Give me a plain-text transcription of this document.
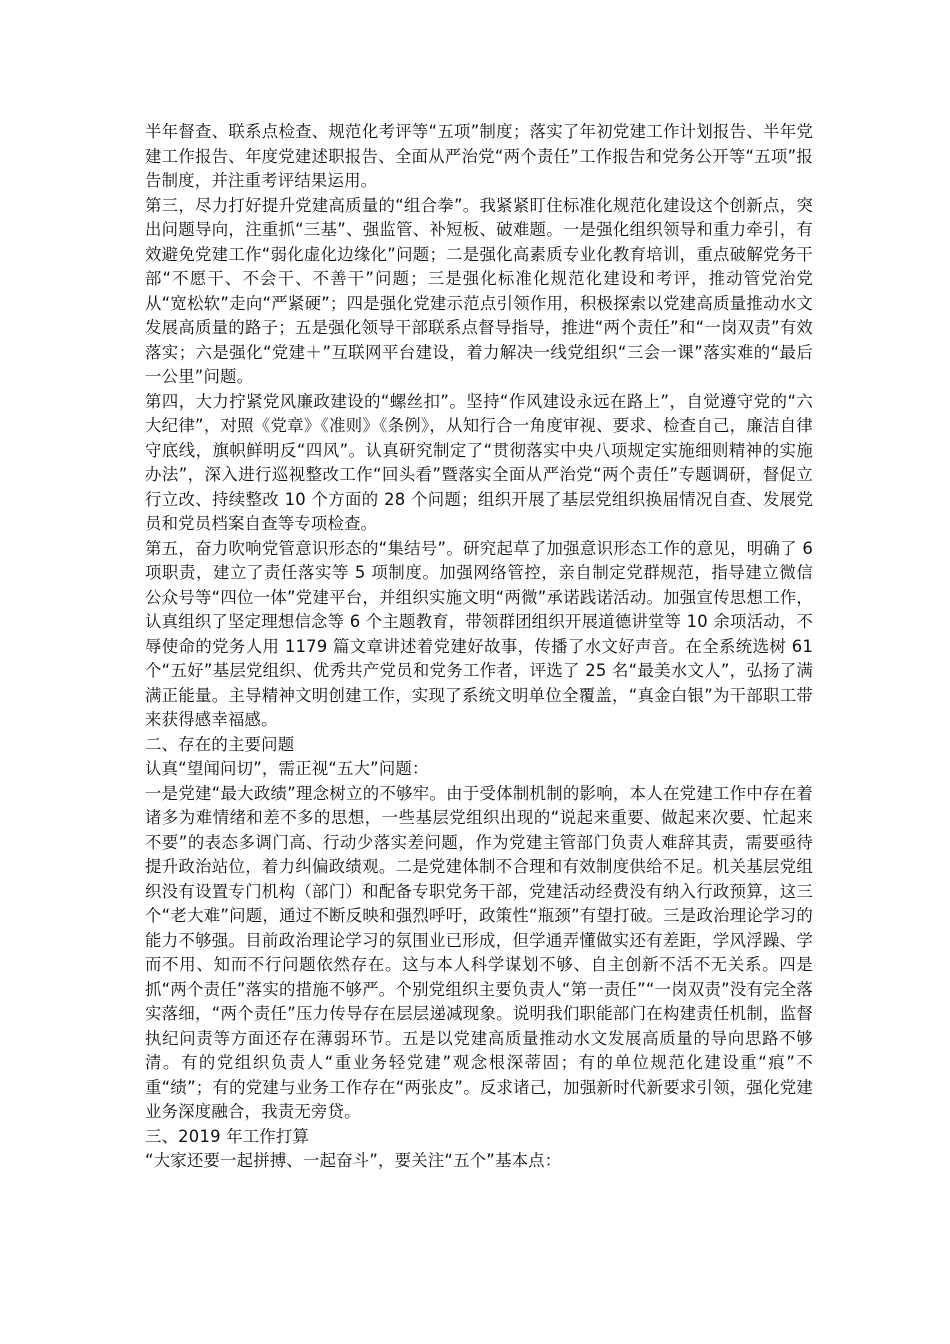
半年督查、联系点检查、规范化考评等“五项”制度；落实了年初党建工作计划报告、半年党建工作报告、年度党建述职报告、全面从严治党“两个责任”工作报告和党务公开等“五项”报告制度，并注重考评结果运用。

第三，尽力打好提升党建高质量的“组合拳”。我紧紧盯住标准化规范化建设这个创新点，突出问题导向，注重抓“三基”、强监管、补短板、破难题。一是强化组织领导和重力牵引，有效避免党建工作“弱化虚化边缘化”问题；二是强化高素质专业化教育培训，重点破解党务干部“不愿干、不会干、不善干”问题；三是强化标准化规范化建设和考评，推动管党治党从“宽松软”走向“严紧硬”；四是强化党建示范点引领作用，积极探索以党建高质量推动水文发展高质量的路子；五是强化领导干部联系点督导指导，推进“两个责任”和“一岗双责”有效落实；六是强化“党建＋”互联网平台建设，着力解决一线党组织“三会一课”落实难的“最后一公里”问题。

第四，大力拧紧党风廉政建设的“螺丝扣”。坚持“作风建设永远在路上”，自觉遵守党的“六大纪律”，对照《党章》《准则》《条例》，从知行合一角度审视、要求、检查自己，廉洁自律守底线，旗帜鲜明反“四风”。认真研究制定了“贯彻落实中央八项规定实施细则精神的实施办法”，深入进行巡视整改工作“回头看”暨落实全面从严治党“两个责任”专题调研，督促立行立改、持续整改 10 个方面的 28 个问题；组织开展了基层党组织换届情况自查、发展党员和党员档案自查等专项检查。

第五，奋力吹响党管意识形态的“集结号”。研究起草了加强意识形态工作的意见，明确了 6 项职责，建立了责任落实等 5 项制度。加强网络管控，亲自制定党群规范，指导建立微信公众号等“四位一体”党建平台，并组织实施文明“两微”承诺践诺活动。加强宣传思想工作，认真组织了坚定理想信念等 6 个主题教育，带领群团组织开展道德讲堂等 10 余项活动，不辱使命的党务人用 1179 篇文章讲述着党建好故事，传播了水文好声音。在全系统选树 61 个“五好”基层党组织、优秀共产党员和党务工作者，评选了 25 名“最美水文人”，弘扬了满满正能量。主导精神文明创建工作，实现了系统文明单位全覆盖，“真金白银”为干部职工带来获得感幸福感。

二、存在的主要问题

认真“望闻问切”，需正视“五大”问题：

一是党建“最大政绩”理念树立的不够牢。由于受体制机制的影响，本人在党建工作中存在着诸多为难情绪和差不多的思想，一些基层党组织出现的“说起来重要、做起来次要、忙起来不要”的表态多调门高、行动少落实差问题，作为党建主管部门负责人难辞其责，需要亟待提升政治站位，着力纠偏政绩观。二是党建体制不合理和有效制度供给不足。机关基层党组织没有设置专门机构（部门）和配备专职党务干部，党建活动经费没有纳入行政预算，这三个“老大难”问题，通过不断反映和强烈呼吁，政策性“瓶颈”有望打破。三是政治理论学习的能力不够强。目前政治理论学习的氛围业已形成，但学通弄懂做实还有差距，学风浮躁、学而不用、知而不行问题依然存在。这与本人科学谋划不够、自主创新不活不无关系。四是抓“两个责任”落实的措施不够严。个别党组织主要负责人“第一责任”“一岗双责”没有完全落实落细，“两个责任”压力传导存在层层递减现象。说明我们职能部门在构建责任机制，监督执纪问责等方面还存在薄弱环节。五是以党建高质量推动水文发展高质量的导向思路不够清。有的党组织负责人“重业务轻党建”观念根深蒂固；有的单位规范化建设重“痕”不重“绩”；有的党建与业务工作存在“两张皮”。反求诸己，加强新时代新要求引领，强化党建业务深度融合，我责无旁贷。

三、2019 年工作打算

“大家还要一起拼搏、一起奋斗”，要关注“五个”基本点：
